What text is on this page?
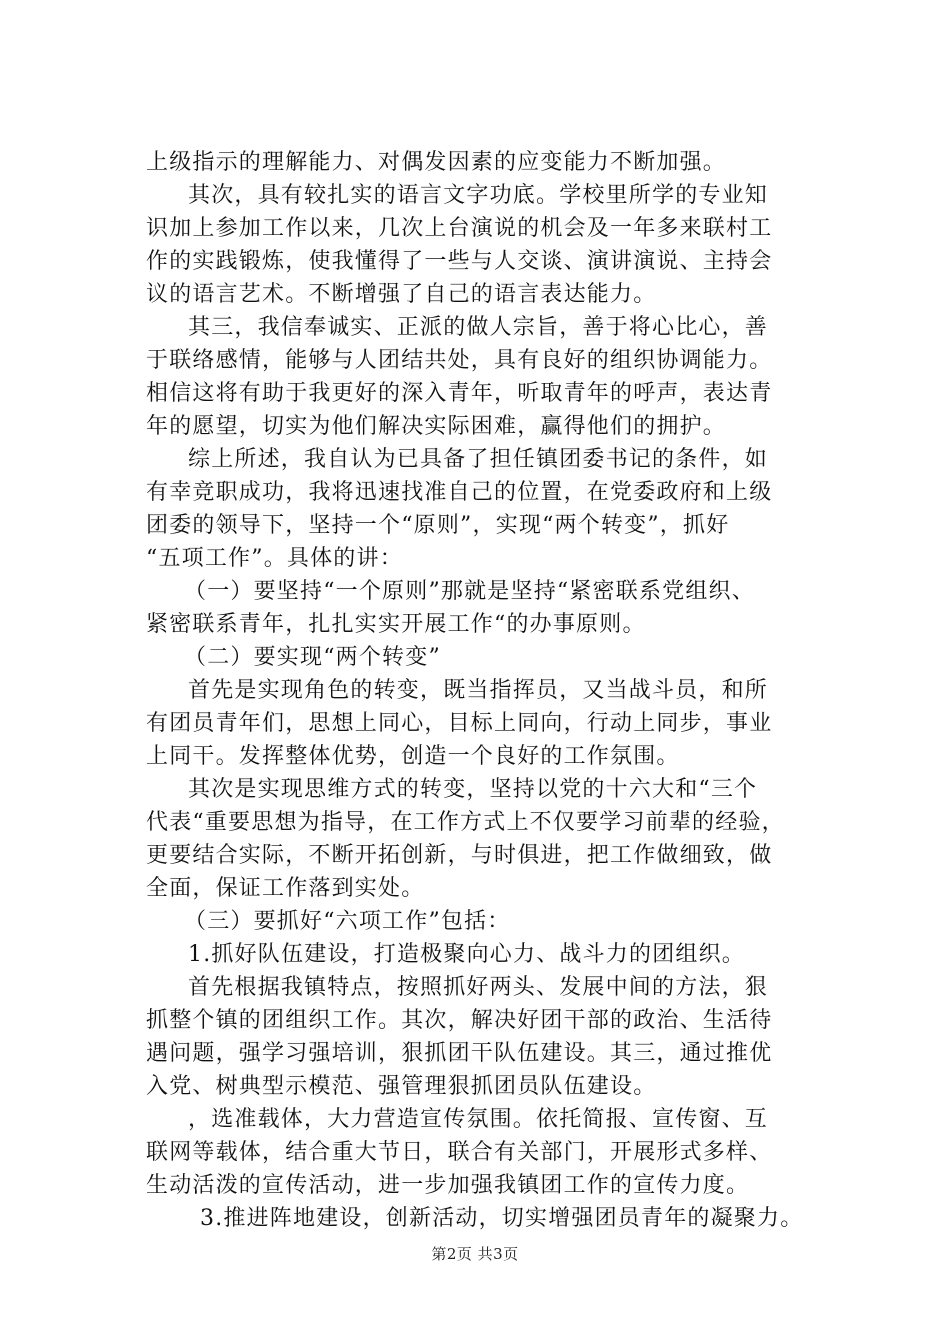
上级指示的理解能力、对偶发因素的应变能力不断加强。
其次，具有较扎实的语言文字功底。学校里所学的专业知
识加上参加工作以来，几次上台演说的机会及一年多来联村工
作的实践锻炼，使我懂得了一些与人交谈、演讲演说、主持会
议的语言艺术。不断增强了自己的语言表达能力。
其三，我信奉诚实、正派的做人宗旨，善于将心比心，善
于联络感情，能够与人团结共处，具有良好的组织协调能力。
相信这将有助于我更好的深入青年，听取青年的呼声，表达青
年的愿望，切实为他们解决实际困难，赢得他们的拥护。
综上所述，我自认为已具备了担任镇团委书记的条件，如
有幸竞职成功，我将迅速找准自己的位置，在党委政府和上级
团委的领导下，坚持一个“原则”，实现“两个转变”，抓好
“五项工作”。具体的讲：
（一）要坚持“一个原则”那就是坚持“紧密联系党组织、
紧密联系青年，扎扎实实开展工作“的办事原则。
（二）要实现“两个转变”
首先是实现角色的转变，既当指挥员，又当战斗员，和所
有团员青年们，思想上同心，目标上同向，行动上同步，事业
上同干。发挥整体优势，创造一个良好的工作氛围。
其次是实现思维方式的转变，坚持以党的十六大和“三个
代表“重要思想为指导，在工作方式上不仅要学习前辈的经验，
更要结合实际，不断开拓创新，与时俱进，把工作做细致，做
全面，保证工作落到实处。
（三）要抓好“六项工作”包括：
1.抓好队伍建设，打造极聚向心力、战斗力的团组织。
首先根据我镇特点，按照抓好两头、发展中间的方法，狠
抓整个镇的团组织工作。其次，解决好团干部的政治、生活待
遇问题，强学习强培训，狠抓团干队伍建设。其三，通过推优
入党、树典型示模范、强管理狠抓团员队伍建设。
，选准载体，大力营造宣传氛围。依托简报、宣传窗、互
联网等载体，结合重大节日，联合有关部门，开展形式多样、
生动活泼的宣传活动，进一步加强我镇团工作的宣传力度。
3.推进阵地建设，创新活动，切实增强团员青年的凝聚力。
第2页 共3页
